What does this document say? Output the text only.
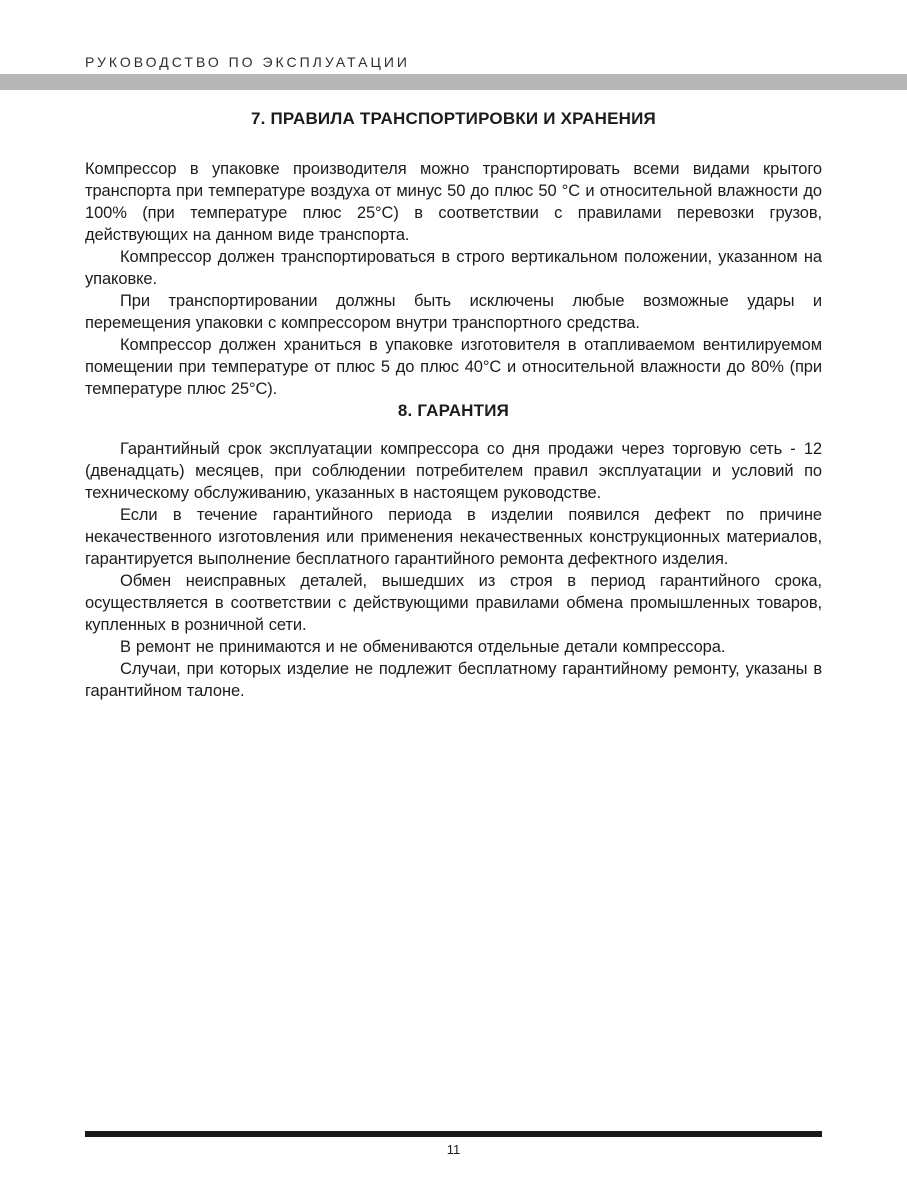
РУКОВОДСТВО ПО ЭКСПЛУАТАЦИИ
7. ПРАВИЛА ТРАНСПОРТИРОВКИ И ХРАНЕНИЯ

Компрессор в упаковке производителя можно транспортировать всеми видами крытого транспорта при температуре воздуха от минус 50 до плюс 50 °С и относительной влажности до 100% (при температуре плюс 25°С) в соответствии с правилами перевозки грузов, действующих на данном виде транспорта.

Компрессор должен транспортироваться в строго вертикальном положении, указанном на упаковке.

При транспортировании должны быть исключены любые возможные удары и перемещения упаковки с компрессором внутри транспортного средства.

Компрессор должен храниться в упаковке изготовителя в отапливаемом вентилируемом помещении при температуре от плюс 5 до плюс 40°С и относительной влажности до 80% (при температуре плюс 25°С).

8. ГАРАНТИЯ

Гарантийный срок эксплуатации компрессора со дня продажи через торговую сеть - 12 (двенадцать) месяцев, при соблюдении потребителем правил эксплуатации и условий по техническому обслуживанию, указанных в настоящем руководстве.

Если в течение гарантийного периода в изделии появился дефект по причине некачественного изготовления или применения некачественных конструкционных материалов, гарантируется выполнение бесплатного гарантийного ремонта дефектного изделия.

Обмен неисправных деталей, вышедших из строя в период гарантийного срока, осуществляется в соответствии с действующими правилами обмена промышленных товаров, купленных в розничной сети.

В ремонт не принимаются и не обмениваются отдельные детали компрессора.

Случаи, при которых изделие не подлежит бесплатному гарантийному ремонту, указаны в гарантийном талоне.

11
